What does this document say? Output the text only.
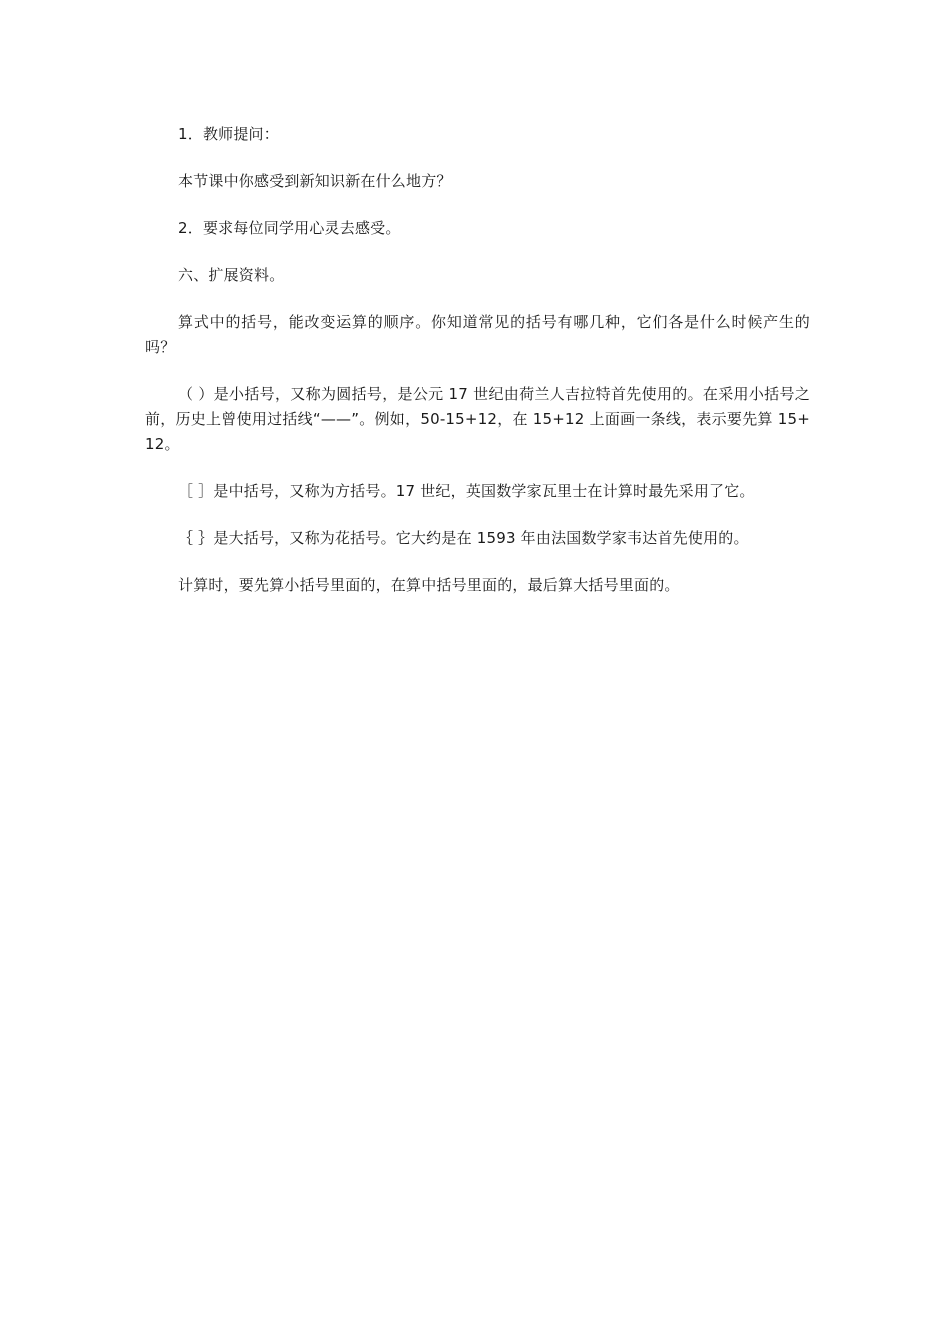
1．教师提问：

本节课中你感受到新知识新在什么地方？

2．要求每位同学用心灵去感受。

六、扩展资料。

算式中的括号，能改变运算的顺序。你知道常见的括号有哪几种，它们各是什么时候产生的吗？

（ ）是小括号，又称为圆括号，是公元 17 世纪由荷兰人吉拉特首先使用的。在采用小括号之前，历史上曾使用过括线“——”。例如，50-15+12，在 15+12 上面画一条线，表示要先算 15+12。

［ ］是中括号，又称为方括号。17 世纪，英国数学家瓦里士在计算时最先采用了它。

｛ ｝是大括号，又称为花括号。它大约是在 1593 年由法国数学家韦达首先使用的。

计算时，要先算小括号里面的，在算中括号里面的，最后算大括号里面的。
